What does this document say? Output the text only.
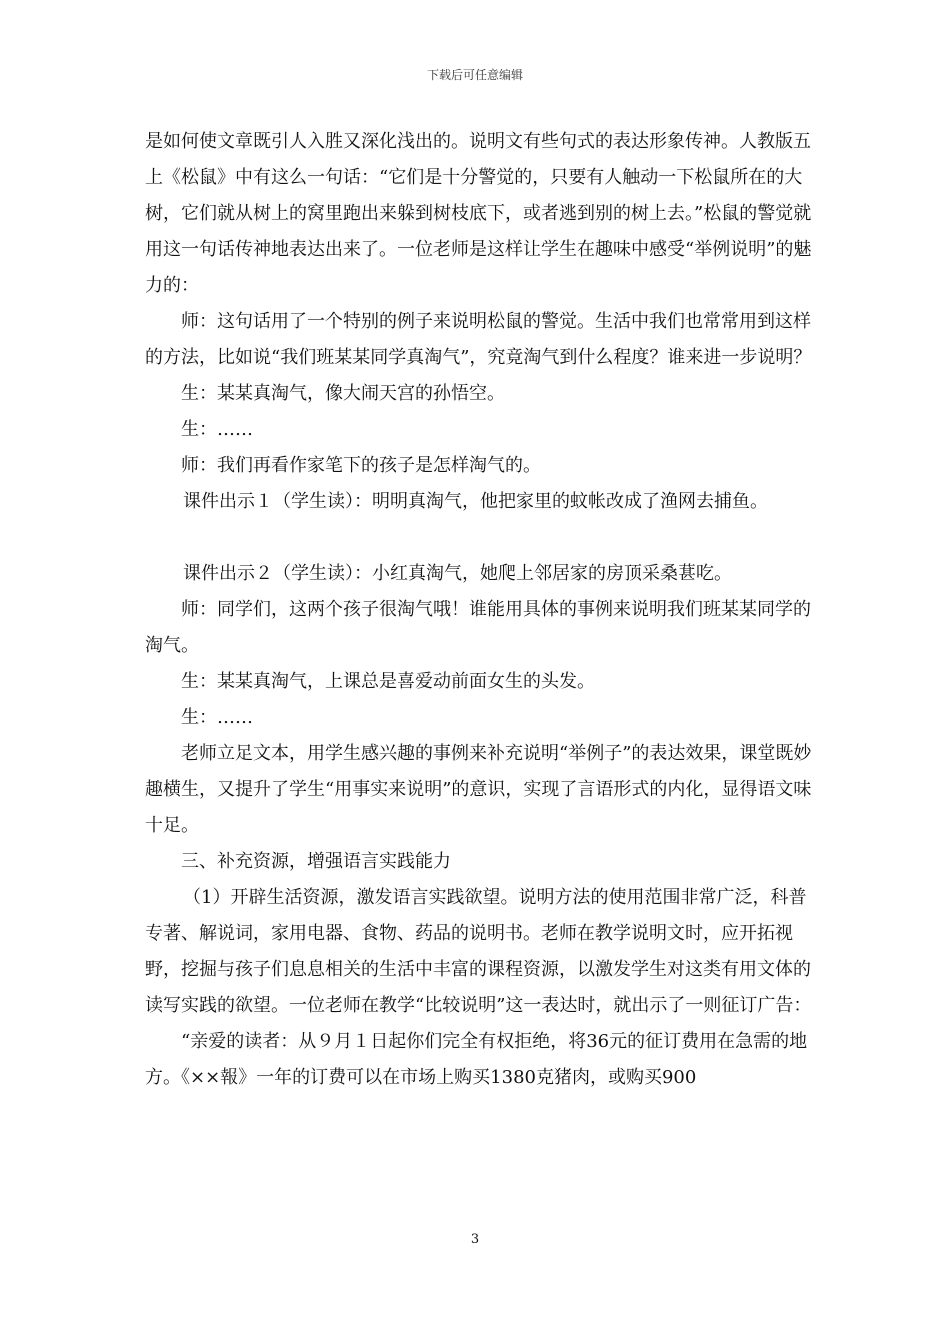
下载后可任意编辑

是如何使文章既引人入胜又深化浅出的。说明文有些句式的表达形象传神。人教版五上《松鼠》中有这么一句话：“它们是十分警觉的，只要有人触动一下松鼠所在的大树，它们就从树上的窝里跑出来躲到树枝底下，或者逃到别的树上去。”松鼠的警觉就用这一句话传神地表达出来了。一位老师是这样让学生在趣味中感受“举例说明”的魅力的：

师：这句话用了一个特别的例子来说明松鼠的警觉。生活中我们也常常用到这样的方法，比如说“我们班某某同学真淘气”，究竟淘气到什么程度？谁来进一步说明？

生：某某真淘气，像大闹天宫的孙悟空。

生：……

师：我们再看作家笔下的孩子是怎样淘气的。

课件出示１（学生读）：明明真淘气，他把家里的蚊帐改成了渔网去捕鱼。

课件出示２（学生读）：小红真淘气，她爬上邻居家的房顶采桑葚吃。

师：同学们，这两个孩子很淘气哦！谁能用具体的事例来说明我们班某某同学的淘气。

生：某某真淘气，上课总是喜爱动前面女生的头发。

生：……

老师立足文本，用学生感兴趣的事例来补充说明“举例子”的表达效果，课堂既妙趣横生，又提升了学生“用事实来说明”的意识，实现了言语形式的内化，显得语文味十足。

三、补充资源，增强语言实践能力

（1）开辟生活资源，激发语言实践欲望。说明方法的使用范围非常广泛，科普专著、解说词，家用电器、食物、药品的说明书。老师在教学说明文时，应开拓视野，挖掘与孩子们息息相关的生活中丰富的课程资源，以激发学生对这类有用文体的读写实践的欲望。一位老师在教学“比较说明”这一表达时，就出示了一则征订广告：

“亲爱的读者：从９月１日起你们完全有权拒绝，将36元的征订费用在急需的地方。《××報》一年的订费可以在市场上购买1380克猪肉，或购买900

3
